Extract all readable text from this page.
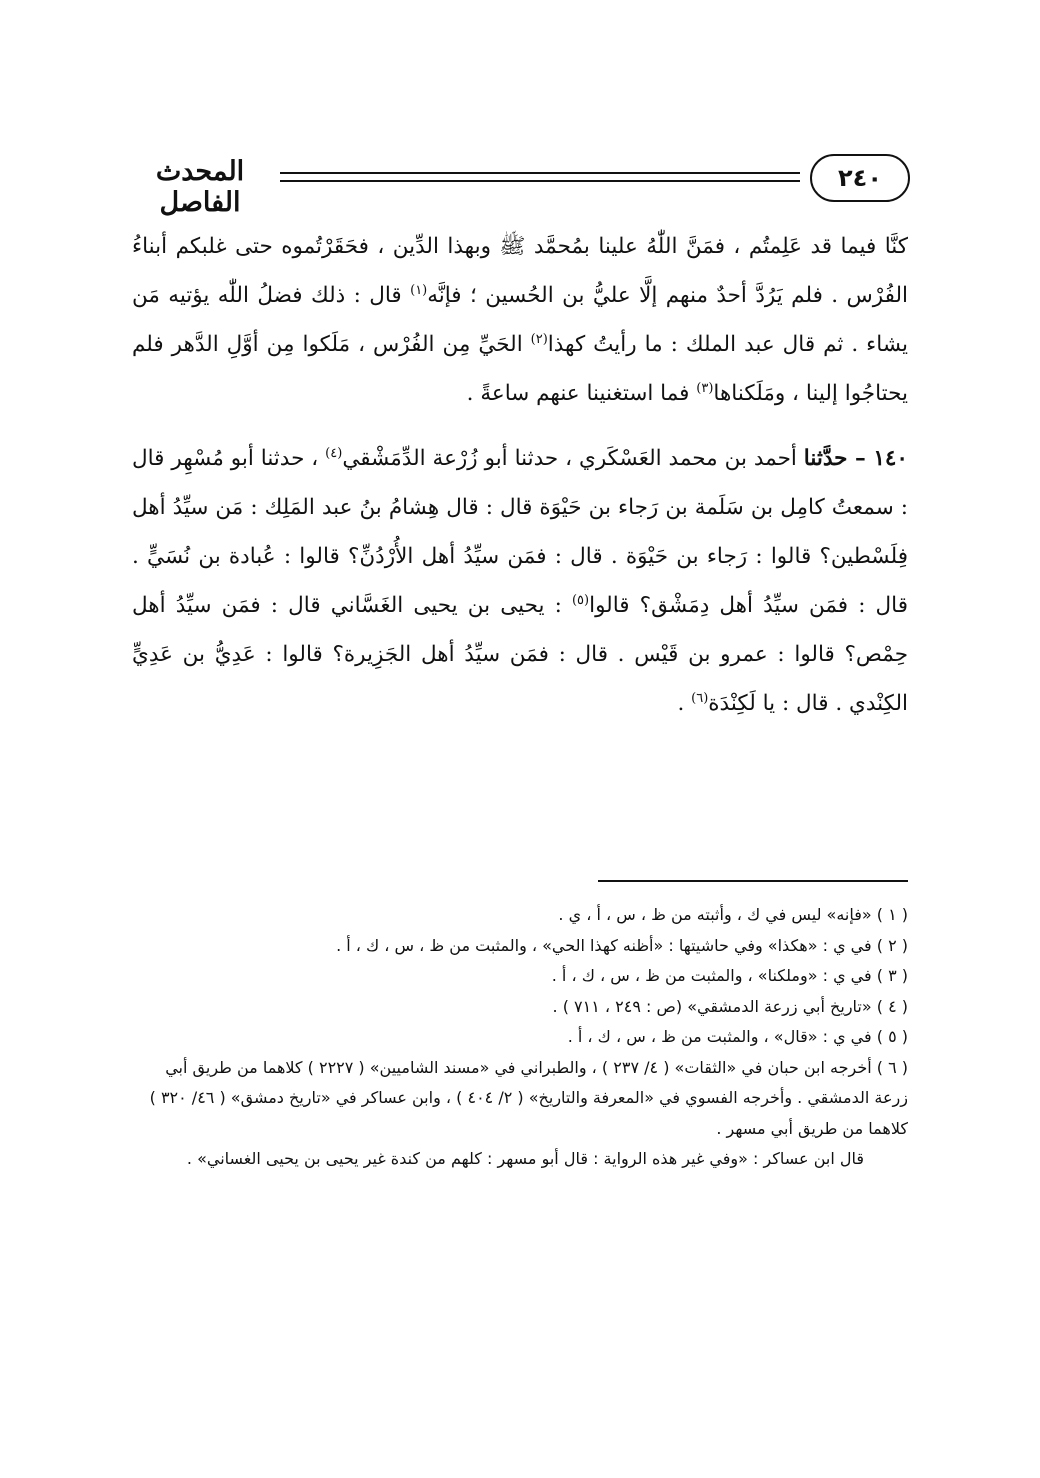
٢٤٠
المحدث الفاصل

كنَّا فيما قد عَلِمتُم ، فمَنَّ اللّٰهُ علينا بمُحمَّد ﷺ وبهذا الدِّين ، فحَقَرْتُموه حتى غلبكم أبناءُ الفُرْس . فلم يَرُدَّ أحدٌ منهم إلَّا عليُّ بن الحُسين ؛ فإنَّه$^{(١)}$ قال : ذلك فضلُ اللّٰه يؤتيه مَن يشاء . ثم قال عبد الملك : ما رأيتُ كهذا$^{(٢)}$ الحَيِّ مِن الفُرْس ، مَلَكوا مِن أوَّلِ الدَّهر فلم يحتاجُوا إلينا ، ومَلَكناها$^{(٣)}$ فما استغنينا عنهم ساعةً .

١٤٠ – حدَّثنا أحمد بن محمد العَسْكَري ، حدثنا أبو زُرْعة الدِّمَشْقي$^{(٤)}$ ، حدثنا أبو مُسْهِر قال : سمعتُ كامِل بن سَلَمة بن رَجاء بن حَيْوَة قال : قال هِشامُ بنُ عبد المَلِك : مَن سيِّدُ أهل فِلَسْطين؟ قالوا : رَجاء بن حَيْوَة . قال : فمَن سيِّدُ أهل الأُرْدُنِّ؟ قالوا : عُبادة بن نُسَيٍّ . قال : فمَن سيِّدُ أهل دِمَشْق؟ قالوا$^{(٥)}$ : يحيى بن يحيى الغَسَّاني قال : فمَن سيِّدُ أهل حِمْص؟ قالوا : عمرو بن قَيْس . قال : فمَن سيِّدُ أهل الجَزِيرة؟ قالوا : عَدِيُّ بن عَدِيٍّ الكِنْدي . قال : يا لَكِنْدَة$^{(٦)}$ .

( ١ ) «فإنه» ليس في ك ، وأثبته من ظ ، س ، أ ، ي .

( ٢ ) في ي : «هكذا» وفي حاشيتها : «أظنه كهذا الحي» ، والمثبت من ظ ، س ، ك ، أ .

( ٣ ) في ي : «وملكنا» ، والمثبت من ظ ، س ، ك ، أ .

( ٤ ) «تاريخ أبي زرعة الدمشقي» (ص : ٢٤٩ ، ٧١١ ) .

( ٥ ) في ي : «قال» ، والمثبت من ظ ، س ، ك ، أ .

( ٦ ) أخرجه ابن حبان في «الثقات» ( ٤/ ٢٣٧ ) ، والطبراني في «مسند الشاميين» ( ٢٢٢٧ ) كلاهما من طريق أبي زرعة الدمشقي . وأخرجه الفسوي في «المعرفة والتاريخ» ( ٢/ ٤٠٤ ) ، وابن عساكر في «تاريخ دمشق» ( ٤٦/ ٣٢٠ ) كلاهما من طريق أبي مسهر .

قال ابن عساكر : «وفي غير هذه الرواية : قال أبو مسهر : كلهم من كندة غير يحيى بن يحيى الغساني» .
